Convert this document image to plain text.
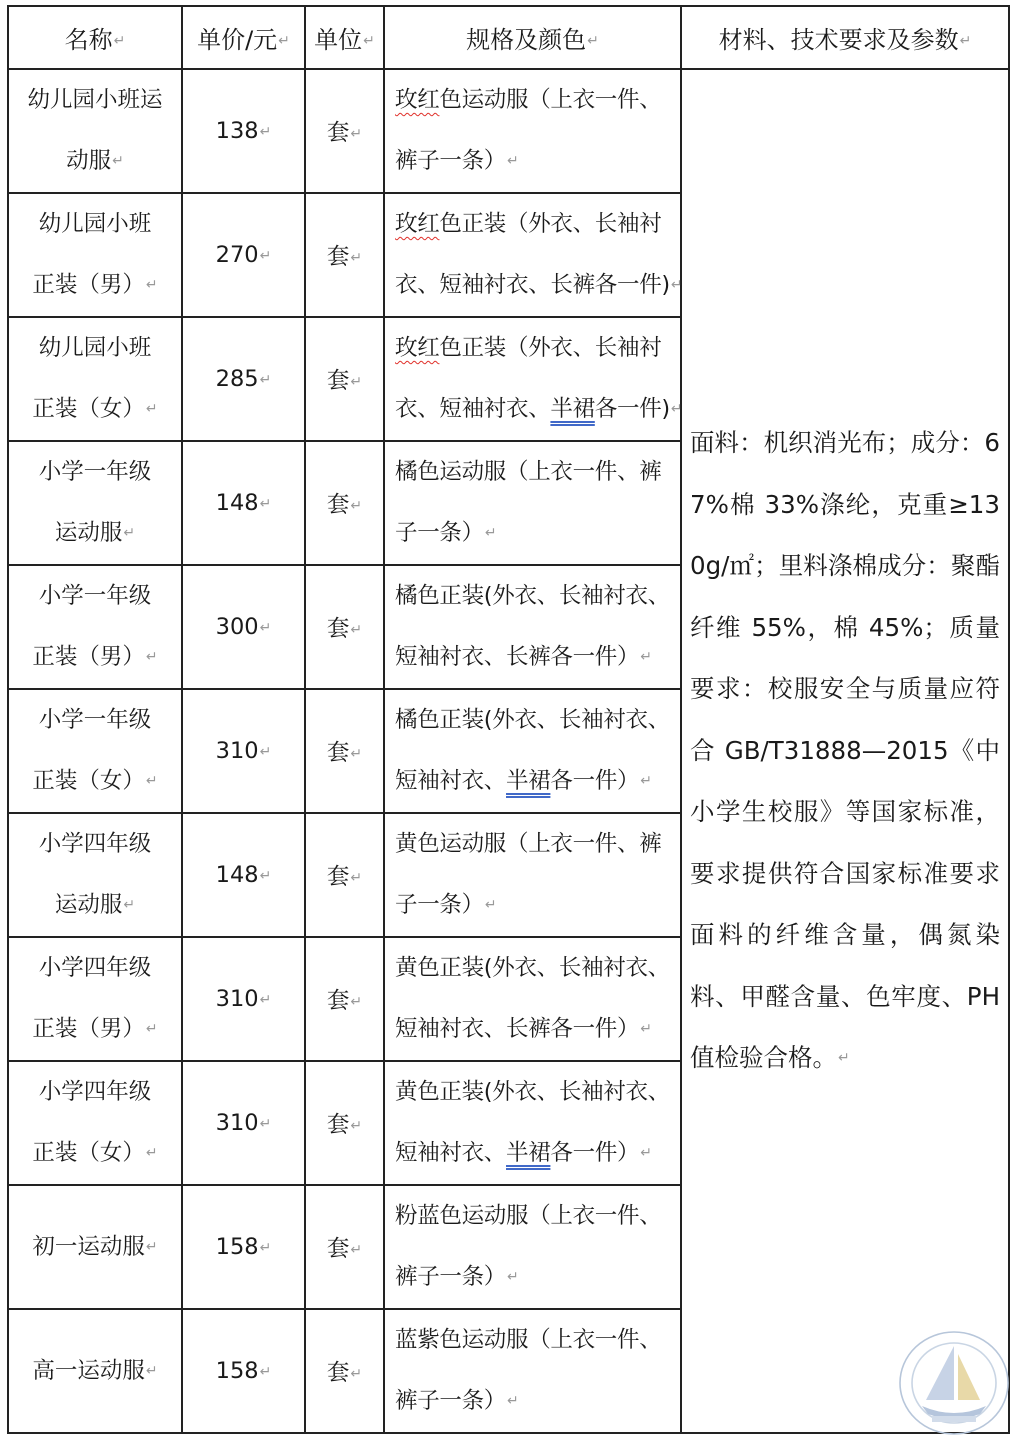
名称↵	单价/元↵	单位↵	规格及颜色↵	材料、技术要求及参数↵
幼儿园小班运
动服↵	138↵	套↵	玫红色运动服（上衣一件、
裤子一条）↵	面料：机织消光布；成分：67%棉 33%涤纶，克重≥130g/㎡；里料涤棉成分：聚酯纤维 55%，棉 45%；质量要求：校服安全与质量应符合 GB/T31888—2015《中小学生校服》等国家标准，要求提供符合国家标准要求面料的纤维含量，偶氮染料、甲醛含量、色牢度、PH 值检验合格。↵
幼儿园小班
正装（男）↵	270↵	套↵	玫红色正装（外衣、长袖衬
衣、短袖衬衣、长裤各一件)↵	
幼儿园小班
正装（女）↵	285↵	套↵	玫红色正装（外衣、长袖衬
衣、短袖衬衣、半裙各一件)↵	
小学一年级
运动服↵	148↵	套↵	橘色运动服（上衣一件、裤
子一条）↵	
小学一年级
正装（男）↵	300↵	套↵	橘色正装(外衣、长袖衬衣、
短袖衬衣、长裤各一件）↵	
小学一年级
正装（女）↵	310↵	套↵	橘色正装(外衣、长袖衬衣、
短袖衬衣、半裙各一件）↵	
小学四年级
运动服↵	148↵	套↵	黄色运动服（上衣一件、裤
子一条）↵	
小学四年级
正装（男）↵	310↵	套↵	黄色正装(外衣、长袖衬衣、
短袖衬衣、长裤各一件）↵	
小学四年级
正装（女）↵	310↵	套↵	黄色正装(外衣、长袖衬衣、
短袖衬衣、半裙各一件）↵	
初一运动服↵	158↵	套↵	粉蓝色运动服（上衣一件、
裤子一条）↵	
高一运动服↵	158↵	套↵	蓝紫色运动服（上衣一件、
裤子一条）↵	
